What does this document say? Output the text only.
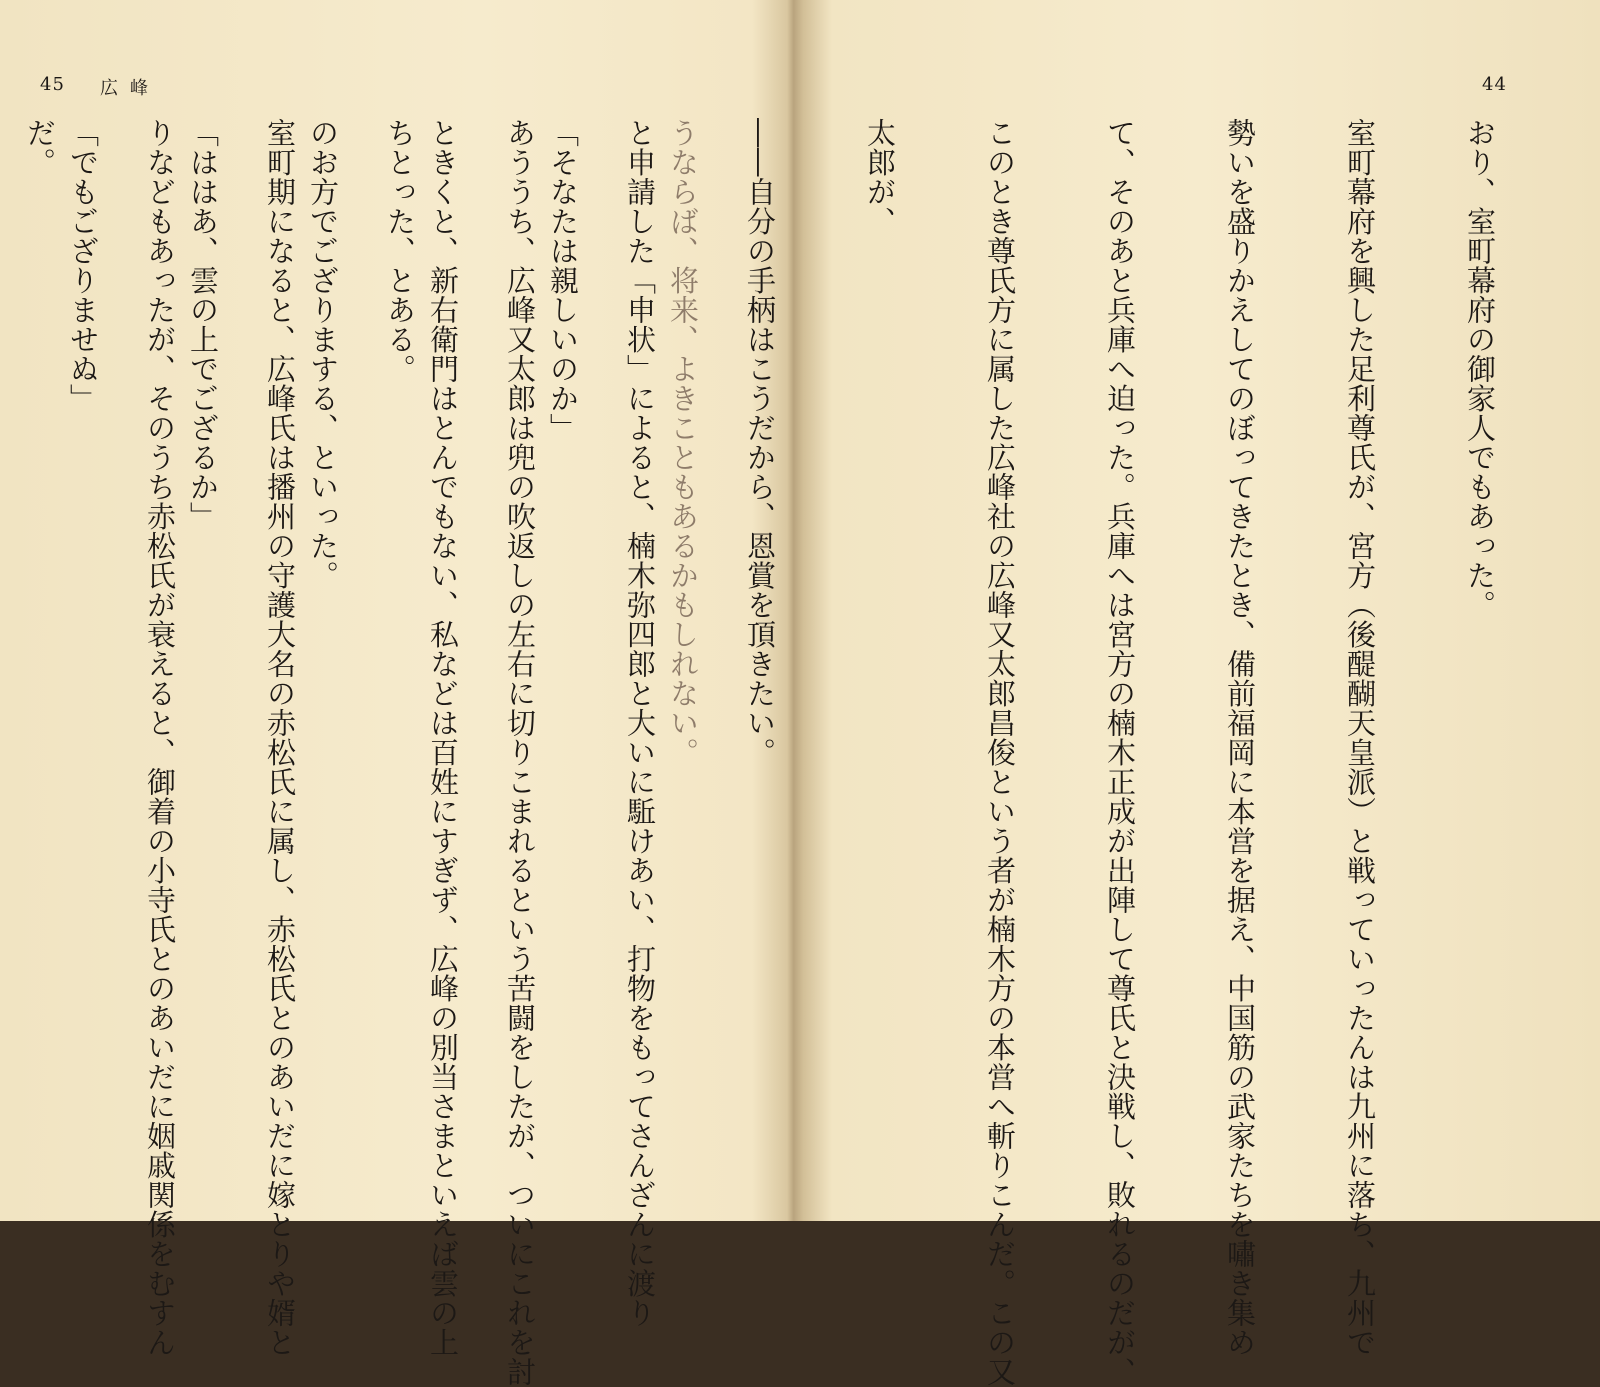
45 広峰

うならば、将来、よきこともあるかもしれない。

「そなたは親しいのか」

ときくと、新右衛門はとんでもない、私などは百姓にすぎず、広峰の別当さまといえば雲の上

のお方でござりまする、といった。

「ははあ、雲の上でござるか」

「でもござりませぬ」

44

おり、室町幕府の御家人でもあった。

室町幕府を興した足利尊氏が、宮方（後醍醐天皇派）と戦っていったんは九州に落ち、九州で

勢いを盛りかえしてのぼってきたとき、備前福岡に本営を据え、中国筋の武家たちを嘯き集め

て、そのあと兵庫へ迫った。兵庫へは宮方の楠木正成が出陣して尊氏と決戦し、敗れるのだが、

このとき尊氏方に属した広峰社の広峰又太郎昌俊という者が楠木方の本営へ斬りこんだ。この又

太郎が、

――自分の手柄はこうだから、恩賞を頂きたい。

と申請した「申状」によると、楠木弥四郎と大いに駈けあい、打物をもってさんざんに渡り

あううち、広峰又太郎は兜の吹返しの左右に切りこまれるという苦闘をしたが、ついにこれを討

ちとった、とある。

室町期になると、広峰氏は播州の守護大名の赤松氏に属し、赤松氏とのあいだに嫁とりや婿と

りなどもあったが、そのうち赤松氏が衰えると、御着の小寺氏とのあいだに姻戚関係をむすん

だ。
